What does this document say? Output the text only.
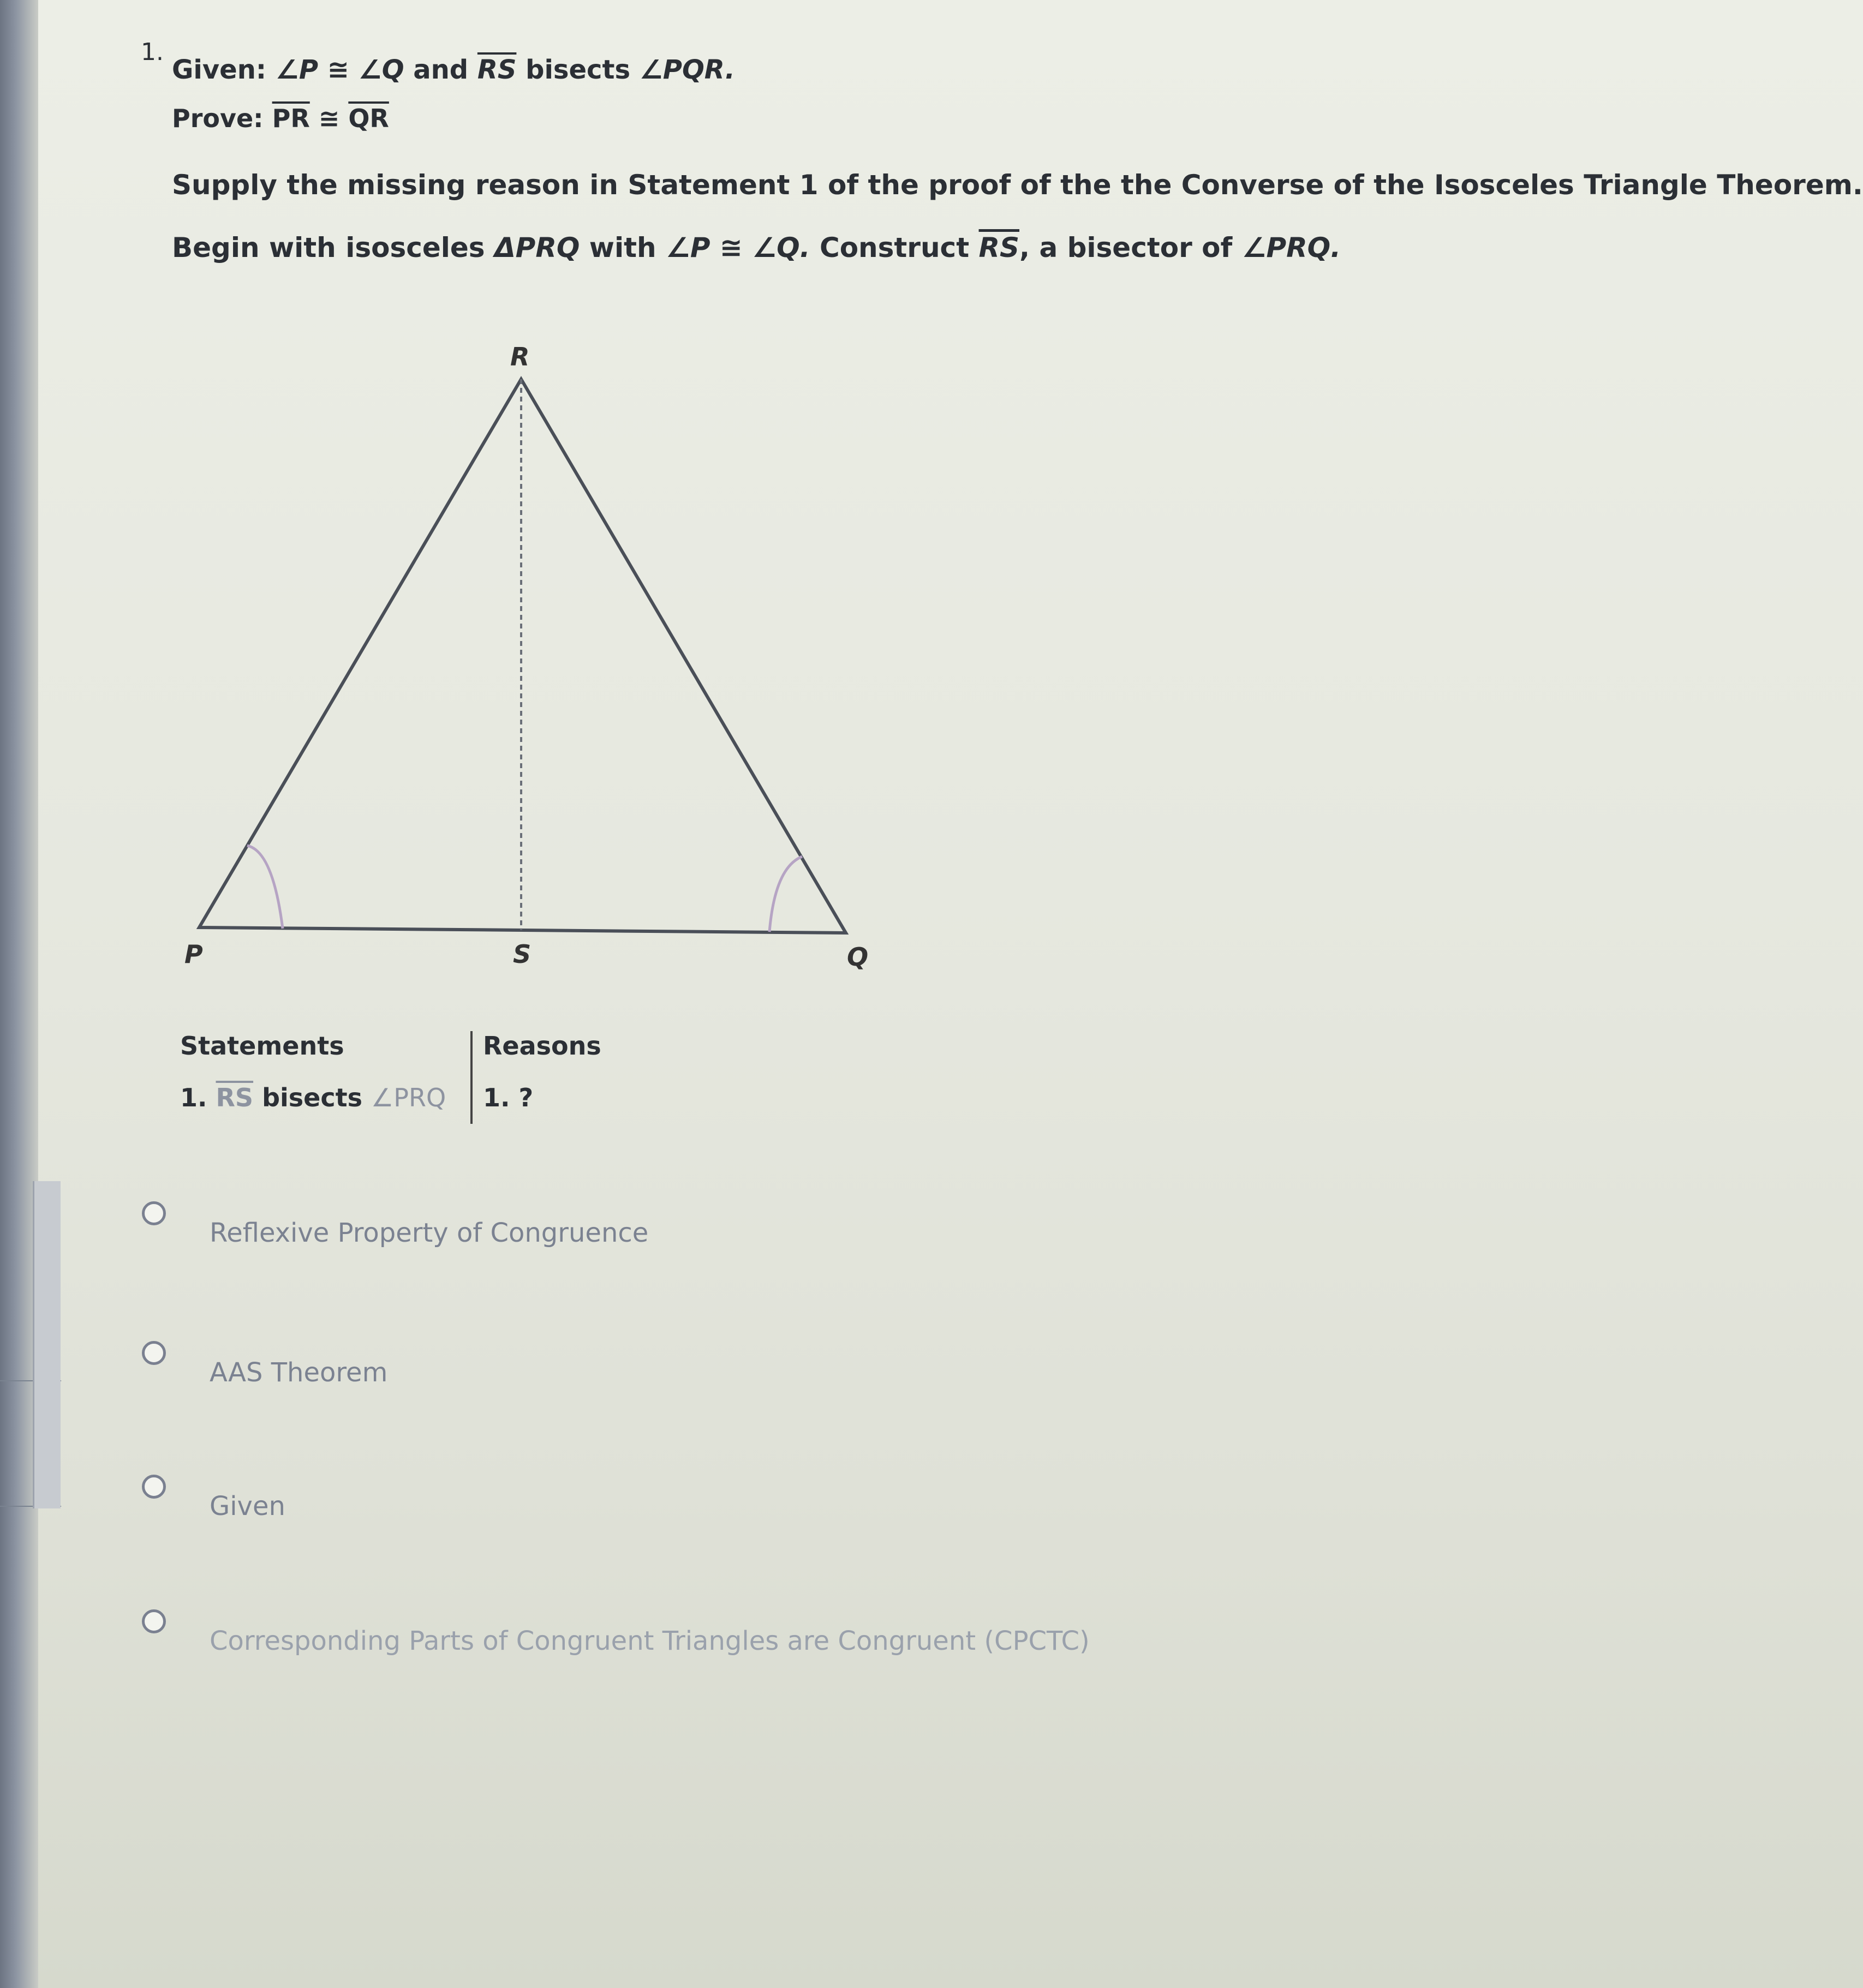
1.
Given: ∠P ≅ ∠Q and $\overline{RS}$ bisects ∠PQR.
Prove: $\overline{PR}$ ≅ $\overline{QR}$
Supply the missing reason in Statement 1 of the proof of the the Converse of the Isosceles Triangle Theorem.
Begin with isosceles ΔPRQ with ∠P ≅ ∠Q. Construct $\overline{RS}$, a bisector of ∠PRQ.
R
P	S	Q
Statements	Reasons
1. $\overline{RS}$ bisects ∠PRQ 1. ?
Reflexive Property of Congruence
AAS Theorem
Given
Corresponding Parts of Congruent Triangles are Congruent (CPCTC)
